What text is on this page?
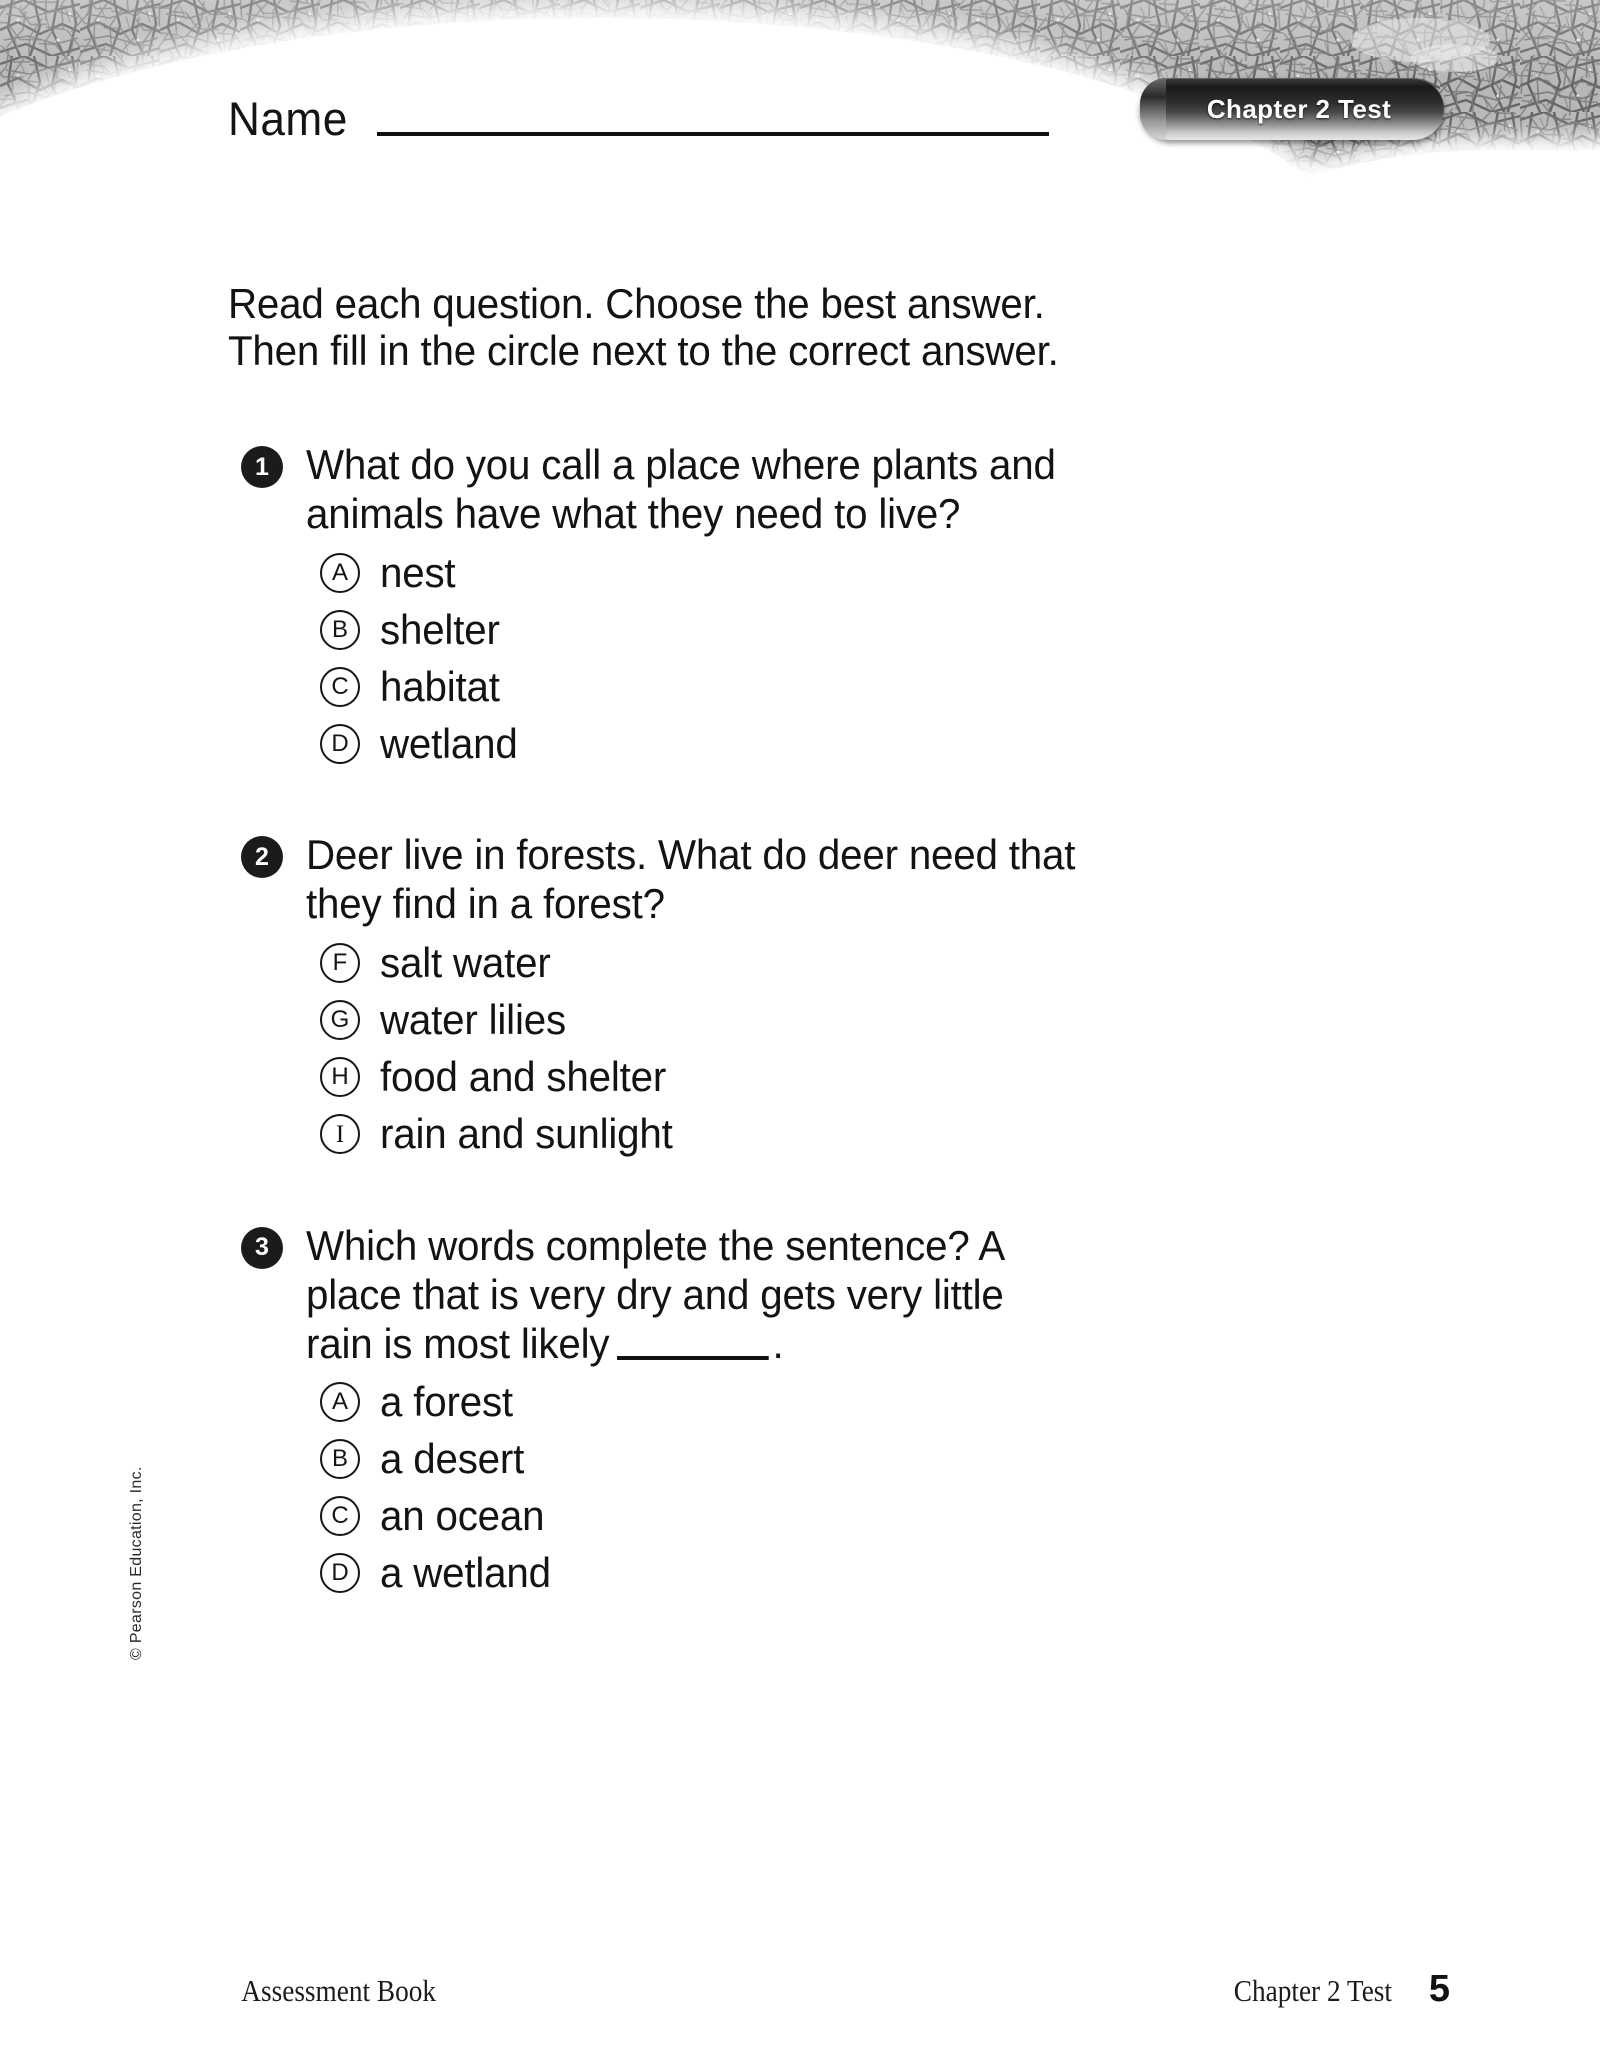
Name	Chapter 2 Test
Read each question. Choose the best answer.
Then fill in the circle next to the correct answer.
1 What do you call a place where plants and
animals have what they need to live?
A nest
B shelter
C habitat
D wetland
2 Deer live in forests. What do deer need that
they find in a forest?
F salt water
G water lilies
H food and shelter
I rain and sunlight
3 Which words complete the sentence? A
place that is very dry and gets very little
rain is most likely	.
A a forest
B a desert
C an ocean
D a wetland
© Pearson Education, Inc.
Assessment Book	Chapter 2 Test 5
